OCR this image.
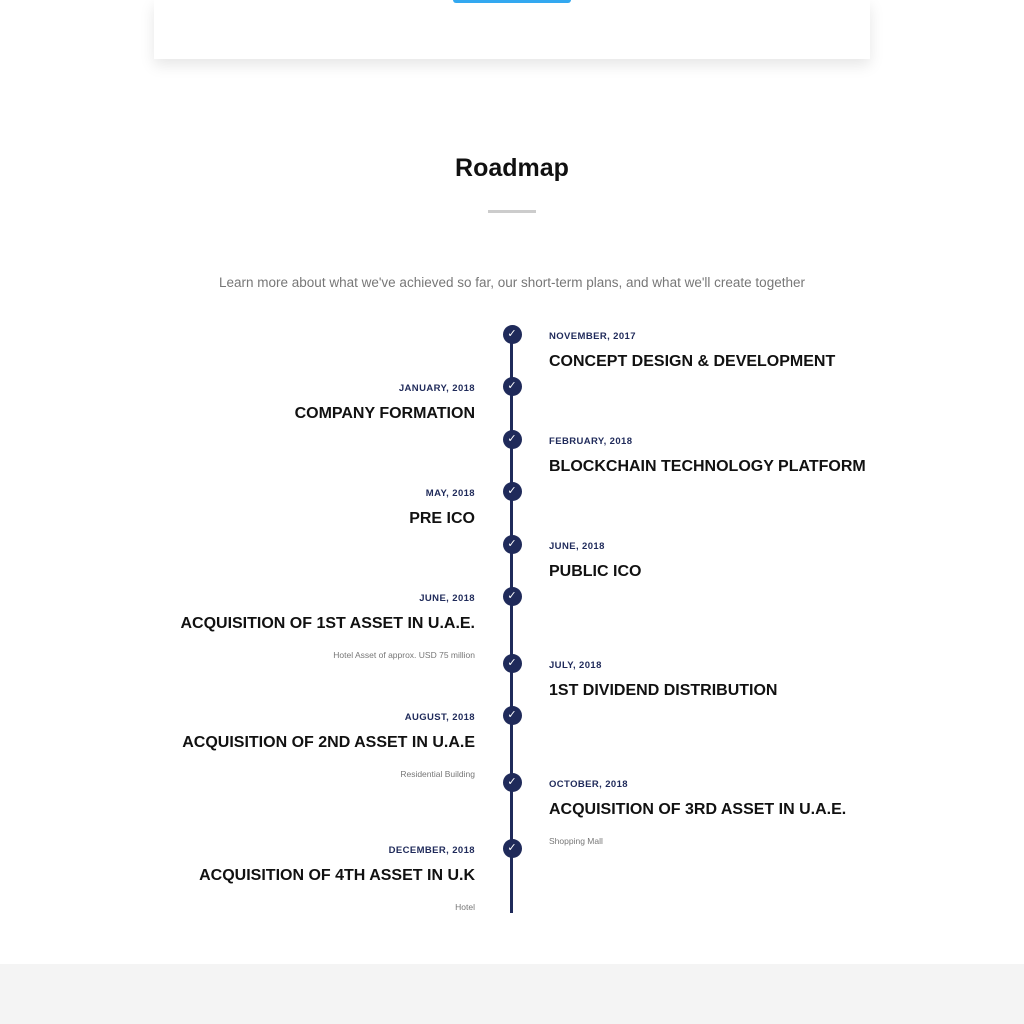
Roadmap
Learn more about what we've achieved so far, our short-term plans, and what we'll create together
✓	NOVEMBER, 2017
CONCEPT DESIGN & DEVELOPMENT
✓
JANUARY, 2018
COMPANY FORMATION
✓	FEBRUARY, 2018
BLOCKCHAIN TECHNOLOGY PLATFORM
✓
MAY, 2018
PRE ICO
✓	JUNE, 2018
PUBLIC ICO
✓
JUNE, 2018
ACQUISITION OF 1ST ASSET IN U.A.E.
Hotel Asset of approx. USD 75 million
✓	JULY, 2018
1ST DIVIDEND DISTRIBUTION
✓
AUGUST, 2018
ACQUISITION OF 2ND ASSET IN U.A.E
Residential Building
✓	OCTOBER, 2018
ACQUISITION OF 3RD ASSET IN U.A.E.
Shopping Mall
✓
DECEMBER, 2018
ACQUISITION OF 4TH ASSET IN U.K
Hotel
